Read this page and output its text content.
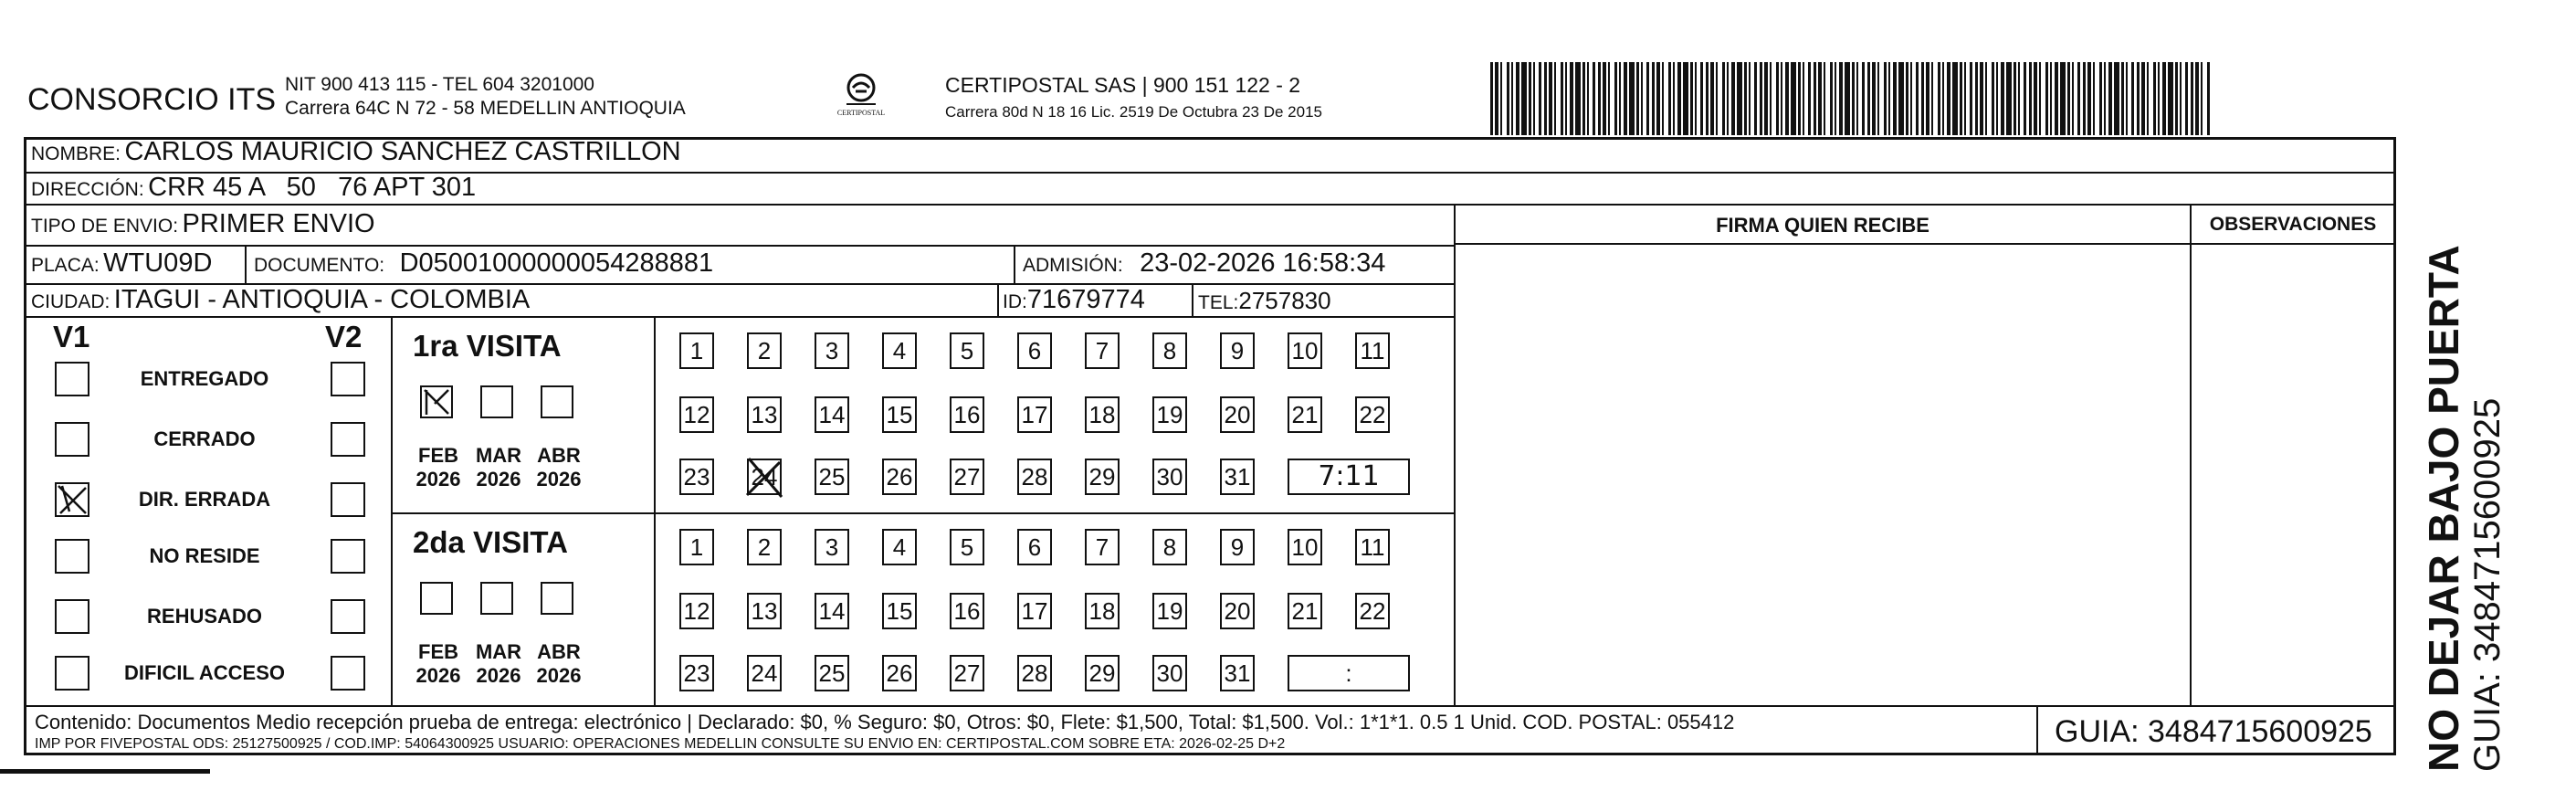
CONSORCIO ITS NIT 900 413 115 - TEL 604 3201000
Carrera 64C N 72 - 58 MEDELLIN ANTIOQUIA	CERTIPOSTAL
CERTIPOSTAL SAS | 900 151 122 - 2
Carrera 80d N 18 16 Lic. 2519 De Octubra 23 De 2015
NOMBRE: CARLOS MAURICIO SANCHEZ CASTRILLON
DIRECCIÓN: CRR 45 A   50   76 APT 301
TIPO DE ENVIO: PRIMER ENVIO	FIRMA QUIEN RECIBE	OBSERVACIONES
PLACA: WTU09D DOCUMENTO: D05001000000054288881	ADMISIÓN: 23-02-2026 16:58:34
CIUDAD: ITAGUI - ANTIOQUIA - COLOMBIA	ID:71679774	TEL:2757830
V1	V2
ENTREGADO
CERRADO
DIR. ERRADA
NO RESIDE
REHUSADO
DIFICIL ACCESO
1ra VISITA
FEB
2026
MAR
2026
ABR
2026
1	2	3	4	5	6	7	8	9	10 11
12 13 14 15 16 17 18 19 20 21 22
23 24 25 26 27 28 29 30 31	7:11
2da VISITA
FEB
2026
MAR
2026
ABR
2026
1	2	3	4	5	6	7	8	9	10 11
12 13 14 15 16 17 18 19 20 21 22
23 24 25 26 27 28 29 30 31	:
Contenido: Documentos Medio recepción prueba de entrega: electrónico | Declarado: $0, % Seguro: $0, Otros: $0, Flete: $1,500, Total: $1,500. Vol.: 1*1*1. 0.5 1 Unid. COD. POSTAL: 055412
IMP POR FIVEPOSTAL ODS: 25127500925 / COD.IMP: 54064300925 USUARIO: OPERACIONES MEDELLIN CONSULTE SU ENVIO EN: CERTIPOSTAL.COM SOBRE ETA: 2026-02-25 D+2	GUIA: 3484715600925 NO DEJAR BAJO PUERTA GUIA: 3484715600925
